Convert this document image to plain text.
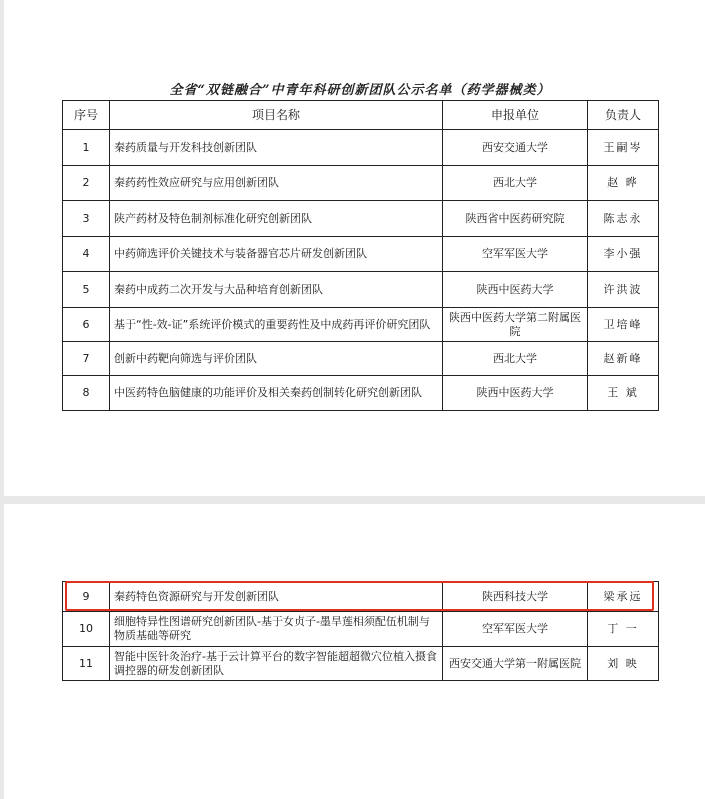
全省“双链融合”中青年科研创新团队公示名单（药学器械类）
序号	项目名称	申报单位	负责人
1	秦药质量与开发科技创新团队	西安交通大学	王嗣岑
2	秦药药性效应研究与应用创新团队	西北大学	赵 晔
3	陕产药材及特色制剂标准化研究创新团队	陕西省中医药研究院	陈志永
4	中药筛选评价关键技术与装备器官芯片研发创新团队	空军军医大学	李小强
5	秦药中成药二次开发与大品种培育创新团队	陕西中医药大学	许洪波
6	基于“性-效-证”系统评价模式的重要药性及中成药再评价研究团队	陕西中医药大学第二附属医院	卫培峰
7	创新中药靶向筛选与评价团队	西北大学	赵新峰
8	中医药特色脑健康的功能评价及相关秦药创制转化研究创新团队	陕西中医药大学	王 斌
9	秦药特色资源研究与开发创新团队	陕西科技大学	梁承远
10	细胞特异性图谱研究创新团队-基于女贞子-墨旱莲相须配伍机制与物质基础等研究	空军军医大学	丁 一
11	智能中医针灸治疗-基于云计算平台的数字智能超超微穴位植入摄食调控器的研发创新团队	西安交通大学第一附属医院	刘 映
